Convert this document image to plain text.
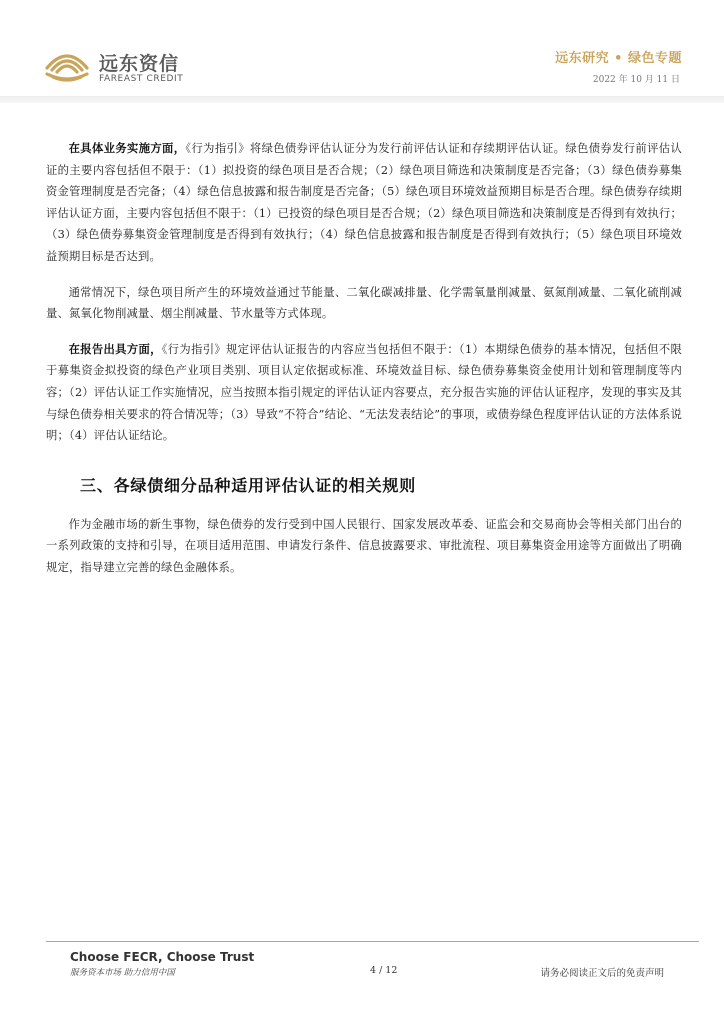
远东资信
FAREAST CREDIT
远东研究 • 绿色专题
2022 年 10 月 11 日

在具体业务实施方面，《行为指引》将绿色债券评估认证分为发行前评估认证和存续期评估认证。绿色债券发行前评估认证的主要内容包括但不限于：（1）拟投资的绿色项目是否合规；（2）绿色项目筛选和决策制度是否完备；（3）绿色债券募集资金管理制度是否完备；（4）绿色信息披露和报告制度是否完备；（5）绿色项目环境效益预期目标是否合理。绿色债券存续期评估认证方面，主要内容包括但不限于：（1）已投资的绿色项目是否合规；（2）绿色项目筛选和决策制度是否得到有效执行；（3）绿色债券募集资金管理制度是否得到有效执行；（4）绿色信息披露和报告制度是否得到有效执行；（5）绿色项目环境效益预期目标是否达到。

通常情况下，绿色项目所产生的环境效益通过节能量、二氧化碳减排量、化学需氧量削减量、氨氮削减量、二氧化硫削减量、氮氧化物削减量、烟尘削减量、节水量等方式体现。

在报告出具方面，《行为指引》规定评估认证报告的内容应当包括但不限于：（1）本期绿色债券的基本情况，包括但不限于募集资金拟投资的绿色产业项目类别、项目认定依据或标准、环境效益目标、绿色债券募集资金使用计划和管理制度等内容；（2）评估认证工作实施情况，应当按照本指引规定的评估认证内容要点，充分报告实施的评估认证程序，发现的事实及其与绿色债券相关要求的符合情况等；（3）导致“不符合”结论、“无法发表结论”的事项，或债券绿色程度评估认证的方法体系说明；（4）评估认证结论。

三、各绿债细分品种适用评估认证的相关规则

作为金融市场的新生事物，绿色债券的发行受到中国人民银行、国家发展改革委、证监会和交易商协会等相关部门出台的一系列政策的支持和引导，在项目适用范围、申请发行条件、信息披露要求、审批流程、项目募集资金用途等方面做出了明确规定，指导建立完善的绿色金融体系。

Choose FECR, Choose Trust
服务资本市场 助力信用中国	4 / 12	请务必阅读正文后的免责声明
